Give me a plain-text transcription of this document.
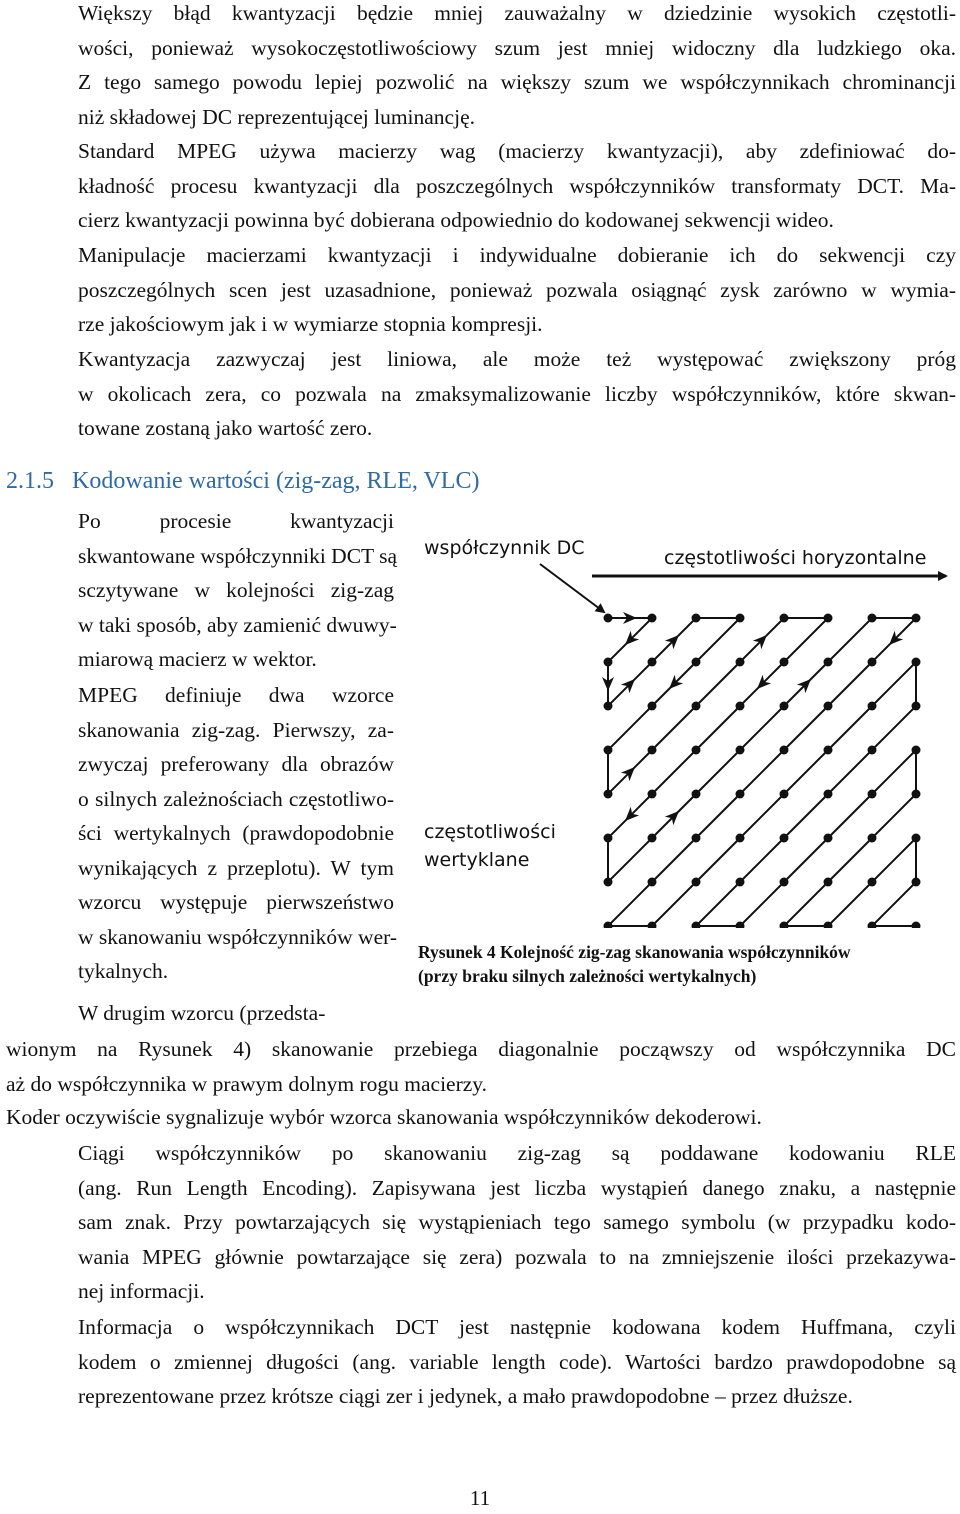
Większy błąd kwantyzacji będzie mniej zauważalny w dziedzinie wysokich częstotli-
wości, ponieważ wysokoczęstotliwościowy szum jest mniej widoczny dla ludzkiego oka.
Z tego samego powodu lepiej pozwolić na większy szum we współczynnikach chrominancji
niż składowej DC reprezentującej luminancję.
Standard MPEG używa macierzy wag (macierzy kwantyzacji), aby zdefiniować do-
kładność procesu kwantyzacji dla poszczególnych współczynników transformaty DCT. Ma-
cierz kwantyzacji powinna być dobierana odpowiednio do kodowanej sekwencji wideo.
Manipulacje macierzami kwantyzacji i indywidualne dobieranie ich do sekwencji czy
poszczególnych scen jest uzasadnione, ponieważ pozwala osiągnąć zysk zarówno w wymia-
rze jakościowym jak i w wymiarze stopnia kompresji.
Kwantyzacja zazwyczaj jest liniowa, ale może też występować zwiększony próg
w okolicach zera, co pozwala na zmaksymalizowanie liczby współczynników, które skwan-
towane zostaną jako wartość zero.
2.1.5 Kodowanie wartości (zig-zag, RLE, VLC)
Po procesie kwantyzacji
skwantowane współczynniki DCT są
sczytywane w kolejności zig-zag
w taki sposób, aby zamienić dwuwy-
miarową macierz w wektor.
MPEG definiuje dwa wzorce
skanowania zig-zag. Pierwszy, za-
zwyczaj preferowany dla obrazów
o silnych zależnościach częstotliwo-
ści wertykalnych (prawdopodobnie
wynikających z przeplotu). W tym
wzorcu występuje pierwszeństwo
w skanowaniu współczynników wer-
tykalnych.
W drugim wzorcu (przedsta-
wionym na Rysunek 4) skanowanie przebiega diagonalnie począwszy od współczynnika DC
aż do współczynnika w prawym dolnym rogu macierzy.
Koder oczywiście sygnalizuje wybór wzorca skanowania współczynników dekoderowi.
Ciągi współczynników po skanowaniu zig-zag są poddawane kodowaniu RLE
(ang. Run Length Encoding). Zapisywana jest liczba wystąpień danego znaku, a następnie
sam znak. Przy powtarzających się wystąpieniach tego samego symbolu (w przypadku kodo-
wania MPEG głównie powtarzające się zera) pozwala to na zmniejszenie ilości przekazywa-
nej informacji.
Informacja o współczynnikach DCT jest następnie kodowana kodem Huffmana, czyli
kodem o zmiennej długości (ang. variable length code). Wartości bardzo prawdopodobne są
reprezentowane przez krótsze ciągi zer i jedynek, a mało prawdopodobne – przez dłuższe.
współczynnik DC	częstotliwości horyzontalne
częstotliwości
wertyklane
Rysunek 4 Kolejność zig-zag skanowania współczynników
(przy braku silnych zależności wertykalnych)
11
